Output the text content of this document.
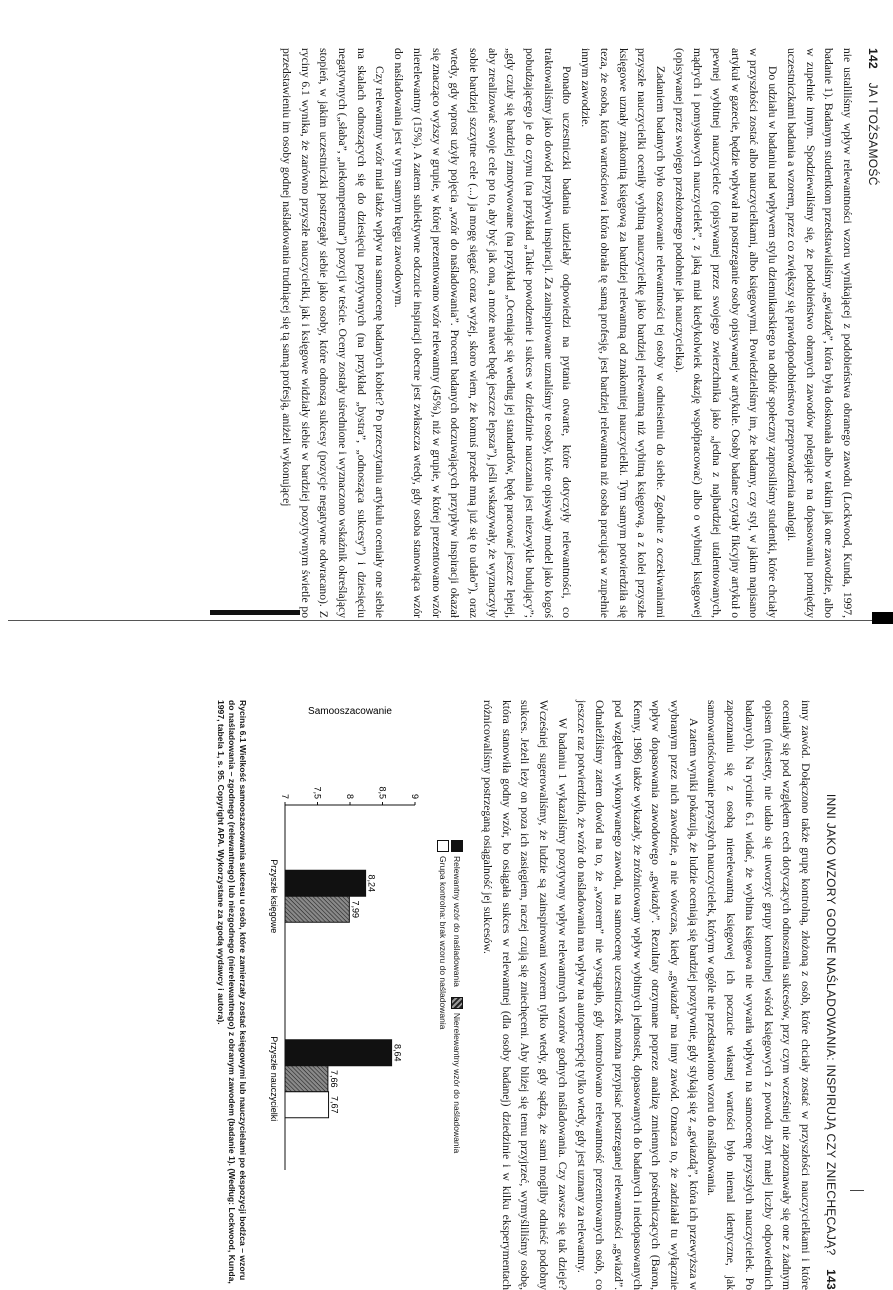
142 JA I TOŻSAMOŚĆ

nie ustaliliśmy wpływ relewantności wzoru wynikającej z podobieństwa obranego zawodu (Lockwood, Kunda, 1997, badanie 1). Badanym studentkom przedstawialiśmy „gwiazdę”, która była doskonała albo w takim jak one zawodzie, albo w zupełnie innym. Spodziewaliśmy się, że podobieństwo obranych zawodów polegające na dopasowaniu pomiędzy uczestniczkami badania a wzorem, przez co zwiększy się prawdopodobieństwo przeprowadzenia analogii.

Do udziału w badaniu nad wpływem stylu dziennikarskiego na odbiór społeczny zaprosiliśmy studentki, które chciały w przyszłości zostać albo nauczycielkami, albo księgowymi. Powiedzieliśmy im, że badamy, czy styl, w jakim napisano artykuł w gazecie, będzie wpływał na postrzeganie osoby opisywanej w artykule. Osoby badane czytały fikcyjny artykuł o pewnej wybitnej nauczycielce (opisywanej przez swojego zwierzchnika jako „jedna z najbardziej utalentowanych, mądrych i pomysłowych nauczycielek”, z jaką miał kiedykolwiek okazję współpracować) albo o wybitnej księgowej (opisywanej przez swojego przełożonego podobnie jak nauczycielka).

Zadaniem badanych było oszacowanie relewantności tej osoby w odniesieniu do siebie. Zgodnie z oczekiwaniami przyszłe nauczycielki oceniły wybitną nauczycielkę jako bardziej relewantną niż wybitną księgową, a z kolei przyszłe księgowe uznały znakomitą księgową za bardziej relewantną od znakomitej nauczycielki. Tym samym potwierdziła się teza, że osoba, która wartościowa i która obrała tę samą profesję, jest bardziej relewantna niż osoba pracująca w zupełnie innym zawodzie.

Ponadto uczestniczki badania udzielały odpowiedzi na pytania otwarte, które dotyczyły relewantności, co traktowaliśmy jako dowód przypływu inspiracji. Za zainspirowane uznaliśmy te osoby, które opisywały model jako kogoś pobudzającego je do czynu (na przykład „Takie powodzenie i sukces w dziedzinie nauczania jest niezwykle budujący”; „gdy czuły się bardziej zmotywowane (na przykład „Oceniając się według jej standardów, będę pracować jeszcze lepiej, aby zrealizować swoje cele po to, aby być jak ona, a może nawet będę jeszcze lepsza”), jeśli wskazywały, że wyznaczyły sobie bardziej szczytne cele (...) ja mogę sięgać coraz wyżej, skoro wiem, że komuś przede mną już się to udało”), oraz wtedy, gdy wprost użyły pojęcia „wzór do naśladowania”. Procent badanych odczuwających przypływ inspiracji okazał się znacząco wyższy w grupie, w której prezentowano wzór relewantny (45%), niż w grupie, w której prezentowano wzór nierelewantny (15%). A zatem subiektywne odczucie inspiracji obecne jest zwłaszcza wtedy, gdy osoba stanowiąca wzór do naśladowania jest w tym samym kręgu zawodowym.

Czy relewantny wzór miał także wpływ na samoocenę badanych kobiet? Po przeczytaniu artykułu oceniały one siebie na skalach odnoszących się do dziesięciu pozytywnych (na przykład „bystra”, „odnosząca sukcesy”) i dziesięciu negatywnych („słaba”, „niekompetentna”) pozycji w teście. Oceny zostały uśrednione i wyznaczono wskaźnik określający stopień, w jakim uczestniczki postrzegały siebie jako osoby, które odnoszą sukcesy (pozycje negatywne odwracano). Z ryciny 6.1 wynika, że zarówno przyszłe nauczycielki, jak i księgowe widziały siebie w bardziej pozytywnym świetle po przedstawieniu im osoby godnej naśladowania trudniącej się tą samą profesją, aniżeli wykonującej

INNI JAKO WZORY GODNE NAŚLADOWANIA: INSPIRUJĄ CZY ZNIECHĘCAJĄ? 143

inny zawód. Dołączono także grupę kontrolną, złożoną z osób, które chciały zostać w przyszłości nauczycielkami i które oceniały się pod względem cech dotyczących odnoszenia sukcesów, przy czym wcześniej nie zapoznawały się one z żadnym opisem (niestety, nie udało się utworzyć grupy kontrolnej wśród księgowych z powodu zbyt małej liczby odpowiednich badanych). Na rycinie 6.1 widać, że wybitna księgowa nie wywarła wpływu na samoocenę przyszłych nauczycielek. Po zapoznaniu się z osobą nierelewantną księgowej ich poczucie własnej wartości było niemal identyczne, jak samowartościowanie przyszłych nauczycielek, którym w ogóle nie przedstawiono wzoru do naśladowania.

A zatem wyniki pokazują, że ludzie oceniają się bardziej pozytywnie, gdy stykają się z „gwiazdą”, która ich przewyższa w wybranym przez nich zawodzie, a nie wówczas, kiedy „gwiazda” ma inny zawód. Oznacza to, że zadziałał tu wyłącznie wpływ dopasowania zawodowego „gwiazdy”. Rezultaty otrzymane poprzez analizę zmiennych pośredniczących (Baron, Kenny, 1986) także wykazały, że zróżnicowany wpływ wybitnych jednostek, dopasowanych do badanych i niedopasowanych pod względem wykonywanego zawodu, na samoocenę uczestniczek można przypisać postrzeganej relewantności „gwiazd”. Odnaleźliśmy zatem dowód na to, że „wzorem” nie wystąpiło, gdy kontrolowano relewantność prezentowanych osób, co jeszcze raz potwierdziło, że wzór do naśladowania ma wpływ na autopercepcję tylko wtedy, gdy jest uznany za relewantny.

W badaniu 1 wykazaliśmy pozytywny wpływ relewantnych wzorów godnych naśladowania. Czy zawsze się tak dzieje? Wcześniej sugerowaliśmy, że ludzie są zainspirowani wzorem tylko wtedy, gdy sądzą, że sami mogliby odnieść podobny sukces. Jeżeli leży on poza ich zasięgiem, raczej czują się zniechęceni. Aby bliżej się temu przyjrzeć, wymyśliliśmy osobę, która stanowiła godny wzór, bo osiągała sukces w relewantnej (dla osoby badanej) dziedzinie i w kilku eksperymentach różnicowaliśmy postrzeganą osiągalność jej sukcesów.

Relewantny wzór do naśladowania
Nierelewantny wzór do naśladowania
Grupa kontrolna: brak wzoru do naśladowania
7	7,5	8	8,5	9
Samooszacowanie
8,24
7,99
Przyszłe księgowe
8,64
7,66
7,67
Przyszłe nauczycielki
Rycina 6.1 Wielkość samooszacowania sukcesu u osób, które zamierzały zostać księgowymi lub nauczycielami po ekspozycji bodźca – wzoru do naśladowania – zgodnego (relewantnego) lub niezgodnego (nierelewantnego) z obranym zawodem (badanie 1). (Według: Lockwood, Kunda, 1997, tabela 1, s. 95. Copyright APA. Wykorzystane za zgodą wydawcy i autora).
